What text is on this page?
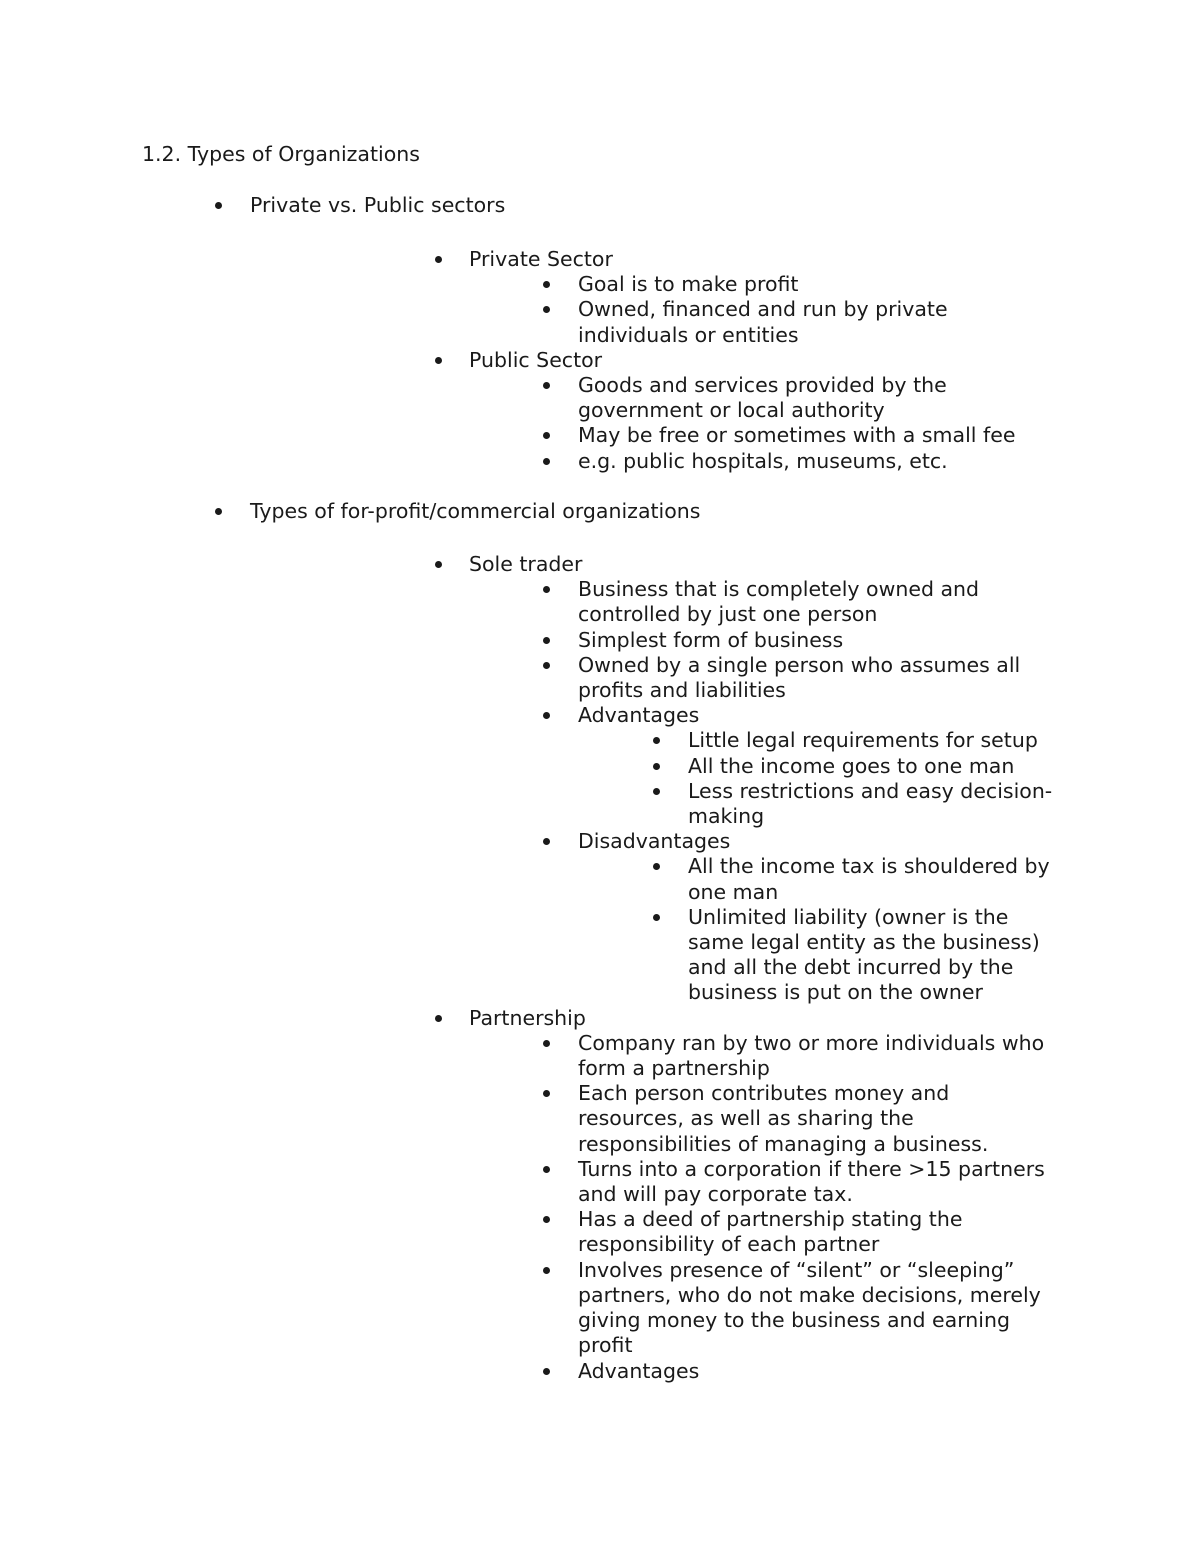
1.2. Types of Organizations
Private vs. Public sectors
Private Sector
Goal is to make profit
Owned, financed and run by private individuals or entities
Public Sector
Goods and services provided by the government or local authority
May be free or sometimes with a small fee
e.g. public hospitals, museums, etc.
Types of for-profit/commercial organizations
Sole trader
Business that is completely owned and controlled by just one person
Simplest form of business
Owned by a single person who assumes all profits and liabilities
Advantages
Little legal requirements for setup
All the income goes to one man
Less restrictions and easy decision-making
Disadvantages
All the income tax is shouldered by one man
Unlimited liability (owner is the same legal entity as the business) and all the debt incurred by the business is put on the owner
Partnership
Company ran by two or more individuals who form a partnership
Each person contributes money and resources, as well as sharing the responsibilities of managing a business.
Turns into a corporation if there >15 partners and will pay corporate tax.
Has a deed of partnership stating the responsibility of each partner
Involves presence of “silent” or “sleeping” partners, who do not make decisions, merely giving money to the business and earning profit
Advantages
